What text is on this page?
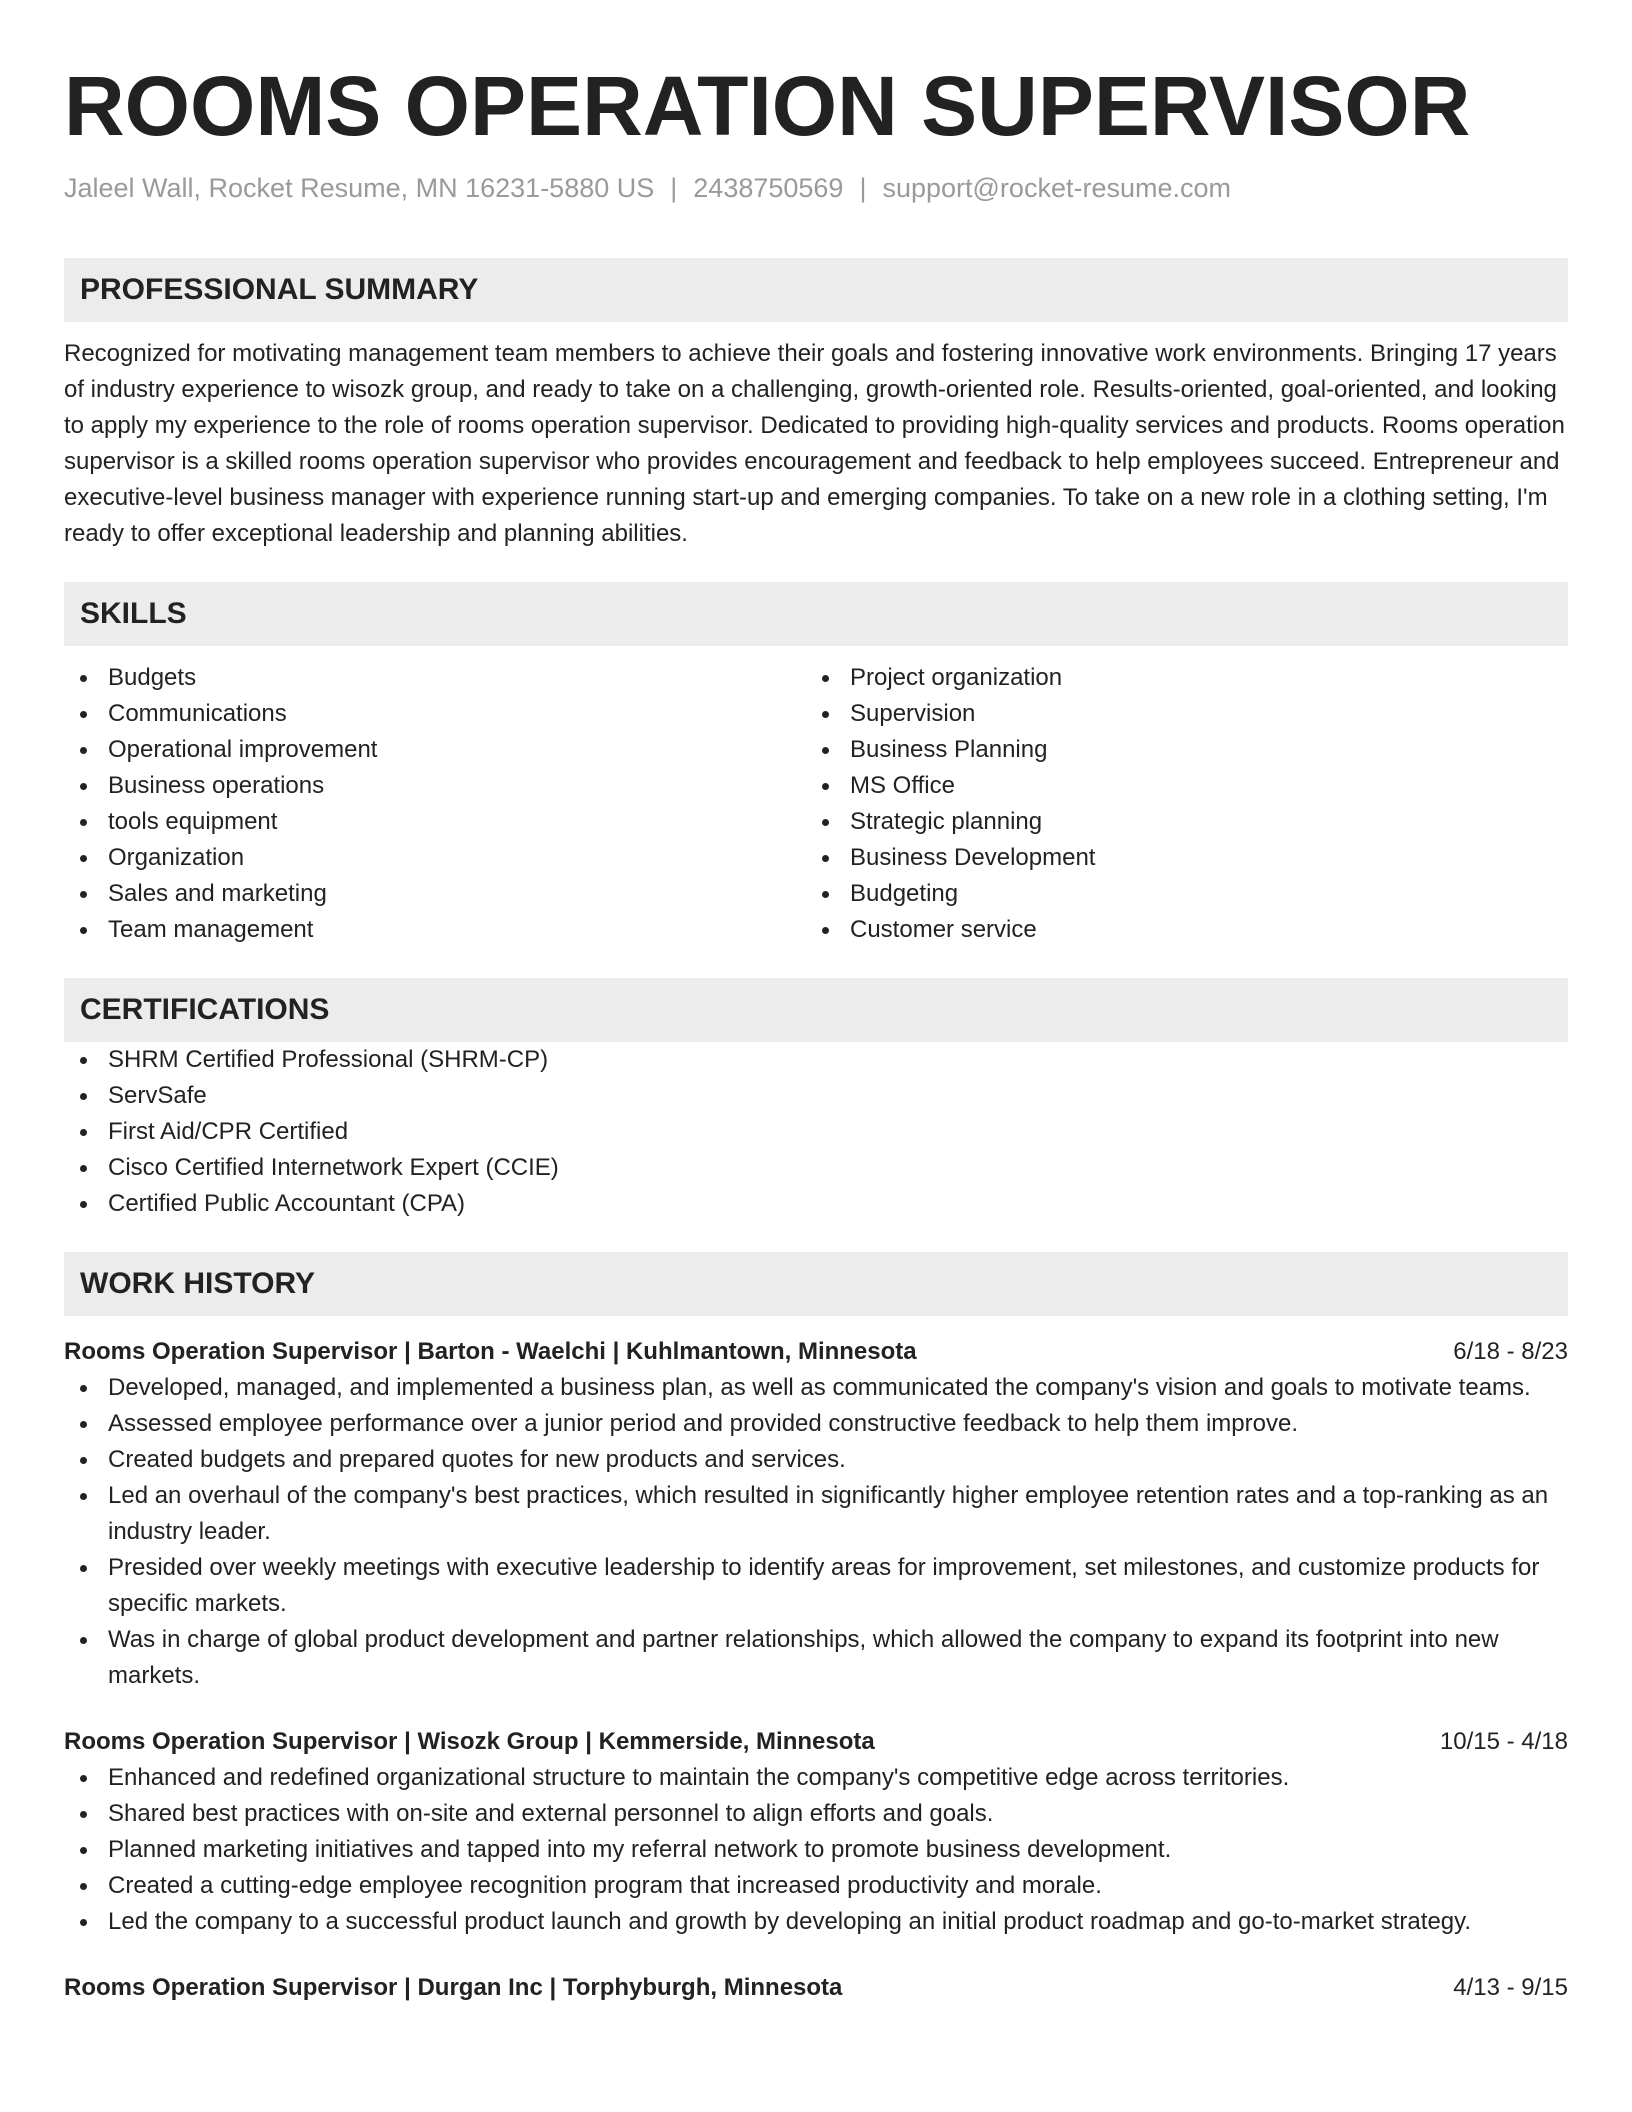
ROOMS OPERATION SUPERVISOR
Jaleel Wall, Rocket Resume, MN 16231-5880 US | 2438750569 | support@rocket-resume.com
PROFESSIONAL SUMMARY

Recognized for motivating management team members to achieve their goals and fostering innovative work environments. Bringing 17 years of industry experience to wisozk group, and ready to take on a challenging, growth-oriented role. Results-oriented, goal-oriented, and looking to apply my experience to the role of rooms operation supervisor. Dedicated to providing high-quality services and products. Rooms operation supervisor is a skilled rooms operation supervisor who provides encouragement and feedback to help employees succeed. Entrepreneur and executive-level business manager with experience running start-up and emerging companies. To take on a new role in a clothing setting, I'm ready to offer exceptional leadership and planning abilities.

SKILLS
Budgets
Communications
Operational improvement
Business operations
tools equipment
Organization
Sales and marketing
Team management
Project organization
Supervision
Business Planning
MS Office
Strategic planning
Business Development
Budgeting
Customer service
CERTIFICATIONS
SHRM Certified Professional (SHRM-CP)
ServSafe
First Aid/CPR Certified
Cisco Certified Internetwork Expert (CCIE)
Certified Public Accountant (CPA)
WORK HISTORY
Rooms Operation Supervisor | Barton - Waelchi | Kuhlmantown, Minnesota	6/18 - 8/23
Developed, managed, and implemented a business plan, as well as communicated the company's vision and goals to motivate teams.
Assessed employee performance over a junior period and provided constructive feedback to help them improve.
Created budgets and prepared quotes for new products and services.
Led an overhaul of the company's best practices, which resulted in significantly higher employee retention rates and a top-ranking as an industry leader.
Presided over weekly meetings with executive leadership to identify areas for improvement, set milestones, and customize products for specific markets.
Was in charge of global product development and partner relationships, which allowed the company to expand its footprint into new markets.
Rooms Operation Supervisor | Wisozk Group | Kemmerside, Minnesota	10/15 - 4/18
Enhanced and redefined organizational structure to maintain the company's competitive edge across territories.
Shared best practices with on-site and external personnel to align efforts and goals.
Planned marketing initiatives and tapped into my referral network to promote business development.
Created a cutting-edge employee recognition program that increased productivity and morale.
Led the company to a successful product launch and growth by developing an initial product roadmap and go-to-market strategy.
Rooms Operation Supervisor | Durgan Inc | Torphyburgh, Minnesota	4/13 - 9/15
